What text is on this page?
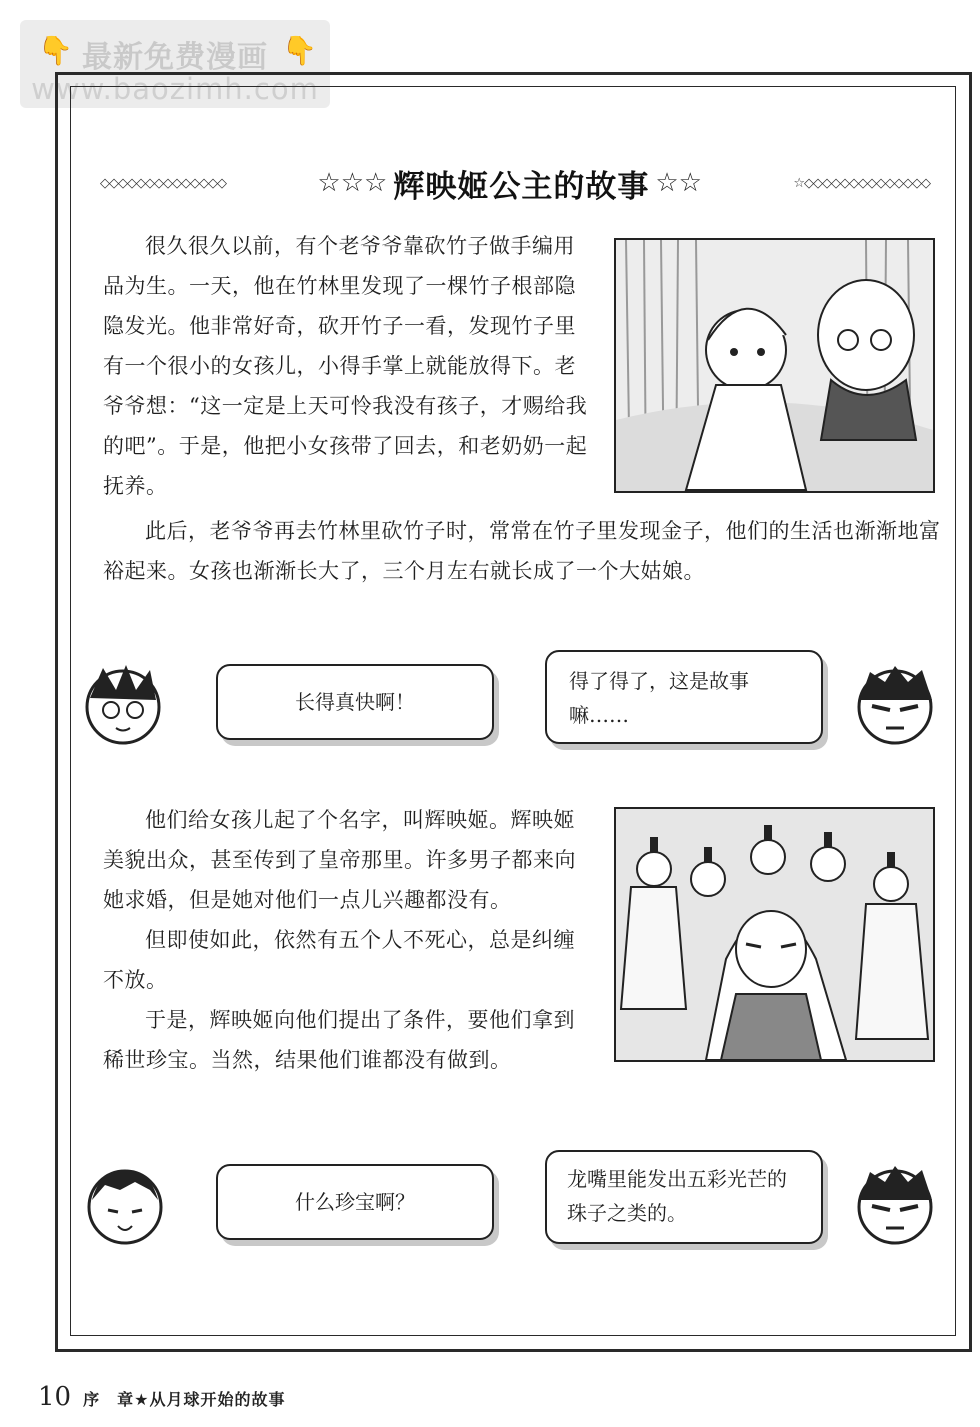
👇 最新免费漫画 👇
www.baozimh.com
◇◇◇◇◇◇◇◇◇◇◇◇◇◇	☆☆☆ 辉映姬公主的故事 ☆☆	☆◇◇◇◇◇◇◇◇◇◇◇◇◇◇

很久很久以前，有个老爷爷靠砍竹子做手编用品为生。一天，他在竹林里发现了一棵竹子根部隐隐发光。他非常好奇，砍开竹子一看，发现竹子里有一个很小的女孩儿，小得手掌上就能放得下。老爷爷想：“这一定是上天可怜我没有孩子，才赐给我的吧”。于是，他把小女孩带了回去，和老奶奶一起抚养。

此后，老爷爷再去竹林里砍竹子时，常常在竹子里发现金子，他们的生活也渐渐地富裕起来。女孩也渐渐长大了，三个月左右就长成了一个大姑娘。

他们给女孩儿起了个名字，叫辉映姬。辉映姬美貌出众，甚至传到了皇帝那里。许多男子都来向她求婚，但是她对他们一点儿兴趣都没有。

但即使如此，依然有五个人不死心，总是纠缠不放。

于是，辉映姬向他们提出了条件，要他们拿到稀世珍宝。当然，结果他们谁都没有做到。

长得真快啊！
得了得了，这是故事嘛……
什么珍宝啊？
龙嘴里能发出五彩光芒的珠子之类的。
10 序　章★从月球开始的故事
